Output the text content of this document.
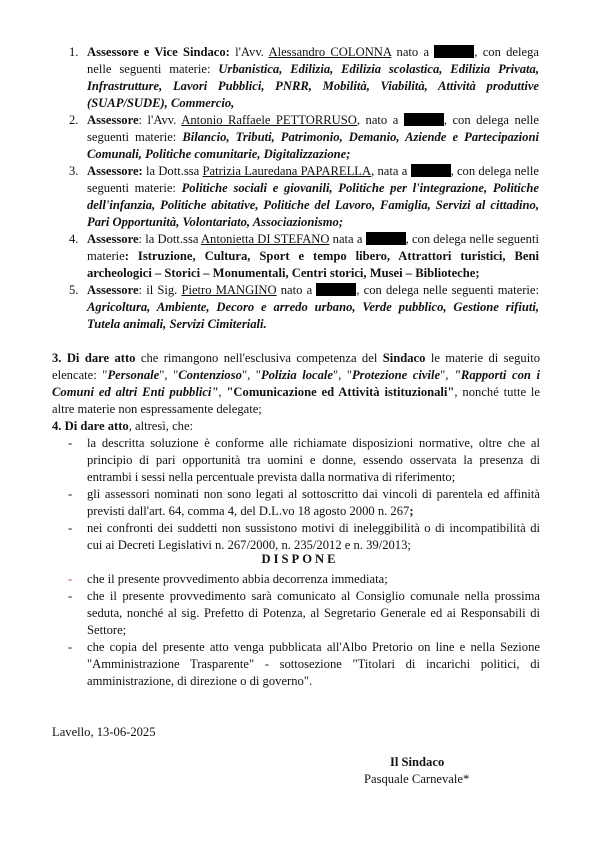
1. Assessore e Vice Sindaco: l'Avv. Alessandro COLONNA nato a	, con delega nelle seguenti materie: Urbanistica, Edilizia, Edilizia scolastica, Edilizia Privata, Infrastrutture, Lavori Pubblici, PNRR, Mobilità, Viabilità, Attività produttive (SUAP/SUDE), Commercio,
2. Assessore: l'Avv. Antonio Raffaele PETTORRUSO, nato a	, con delega nelle seguenti materie: Bilancio, Tributi, Patrimonio, Demanio, Aziende e Partecipazioni Comunali, Politiche comunitarie, Digitalizzazione;
3. Assessore: la Dott.ssa Patrizia Lauredana PAPARELLA, nata a	, con delega nelle seguenti materie: Politiche sociali e giovanili, Politiche per l'integrazione, Politiche dell'infanzia, Politiche abitative, Politiche del Lavoro, Famiglia, Servizi al cittadino, Pari Opportunità, Volontariato, Associazionismo;
4. Assessore: la Dott.ssa Antonietta DI STEFANO nata a	, con delega nelle seguenti materie: Istruzione, Cultura, Sport e tempo libero, Attrattori turistici, Beni archeologici – Storici – Monumentali, Centri storici, Musei – Biblioteche;
5. Assessore: il Sig. Pietro MANGINO nato a	, con delega nelle seguenti materie: Agricoltura, Ambiente, Decoro e arredo urbano, Verde pubblico, Gestione rifiuti, Tutela animali, Servizi Cimiteriali.
3. Di dare atto che rimangono nell'esclusiva competenza del Sindaco le materie di seguito elencate: "Personale", "Contenzioso", "Polizia locale", "Protezione civile", "Rapporti con i Comuni ed altri Enti pubblici", "Comunicazione ed Attività istituzionali", nonché tutte le altre materie non espressamente delegate;
4. Di dare atto, altresì, che:
- la descritta soluzione è conforme alle richiamate disposizioni normative, oltre che al principio di pari opportunità tra uomini e donne, essendo osservata la presenza di entrambi i sessi nella percentuale prevista dalla normativa di riferimento;
- gli assessori nominati non sono legati al sottoscritto dai vincoli di parentela ed affinità previsti dall'art. 64, comma 4, del D.L.vo 18 agosto 2000 n. 267;
- nei confronti dei suddetti non sussistono motivi di ineleggibilità o di incompatibilità di cui ai Decreti Legislativi n. 267/2000, n. 235/2012 e n. 39/2013;
DISPONE
- che il presente provvedimento abbia decorrenza immediata;
- che il presente provvedimento sarà comunicato al Consiglio comunale nella prossima seduta, nonché al sig. Prefetto di Potenza, al Segretario Generale ed ai Responsabili di Settore;
- che copia del presente atto venga pubblicata all'Albo Pretorio on line e nella Sezione "Amministrazione Trasparente" - sottosezione "Titolari di incarichi politici, di amministrazione, di direzione o di governo".
Lavello, 13-06-2025
Il Sindaco
Pasquale Carnevale*
